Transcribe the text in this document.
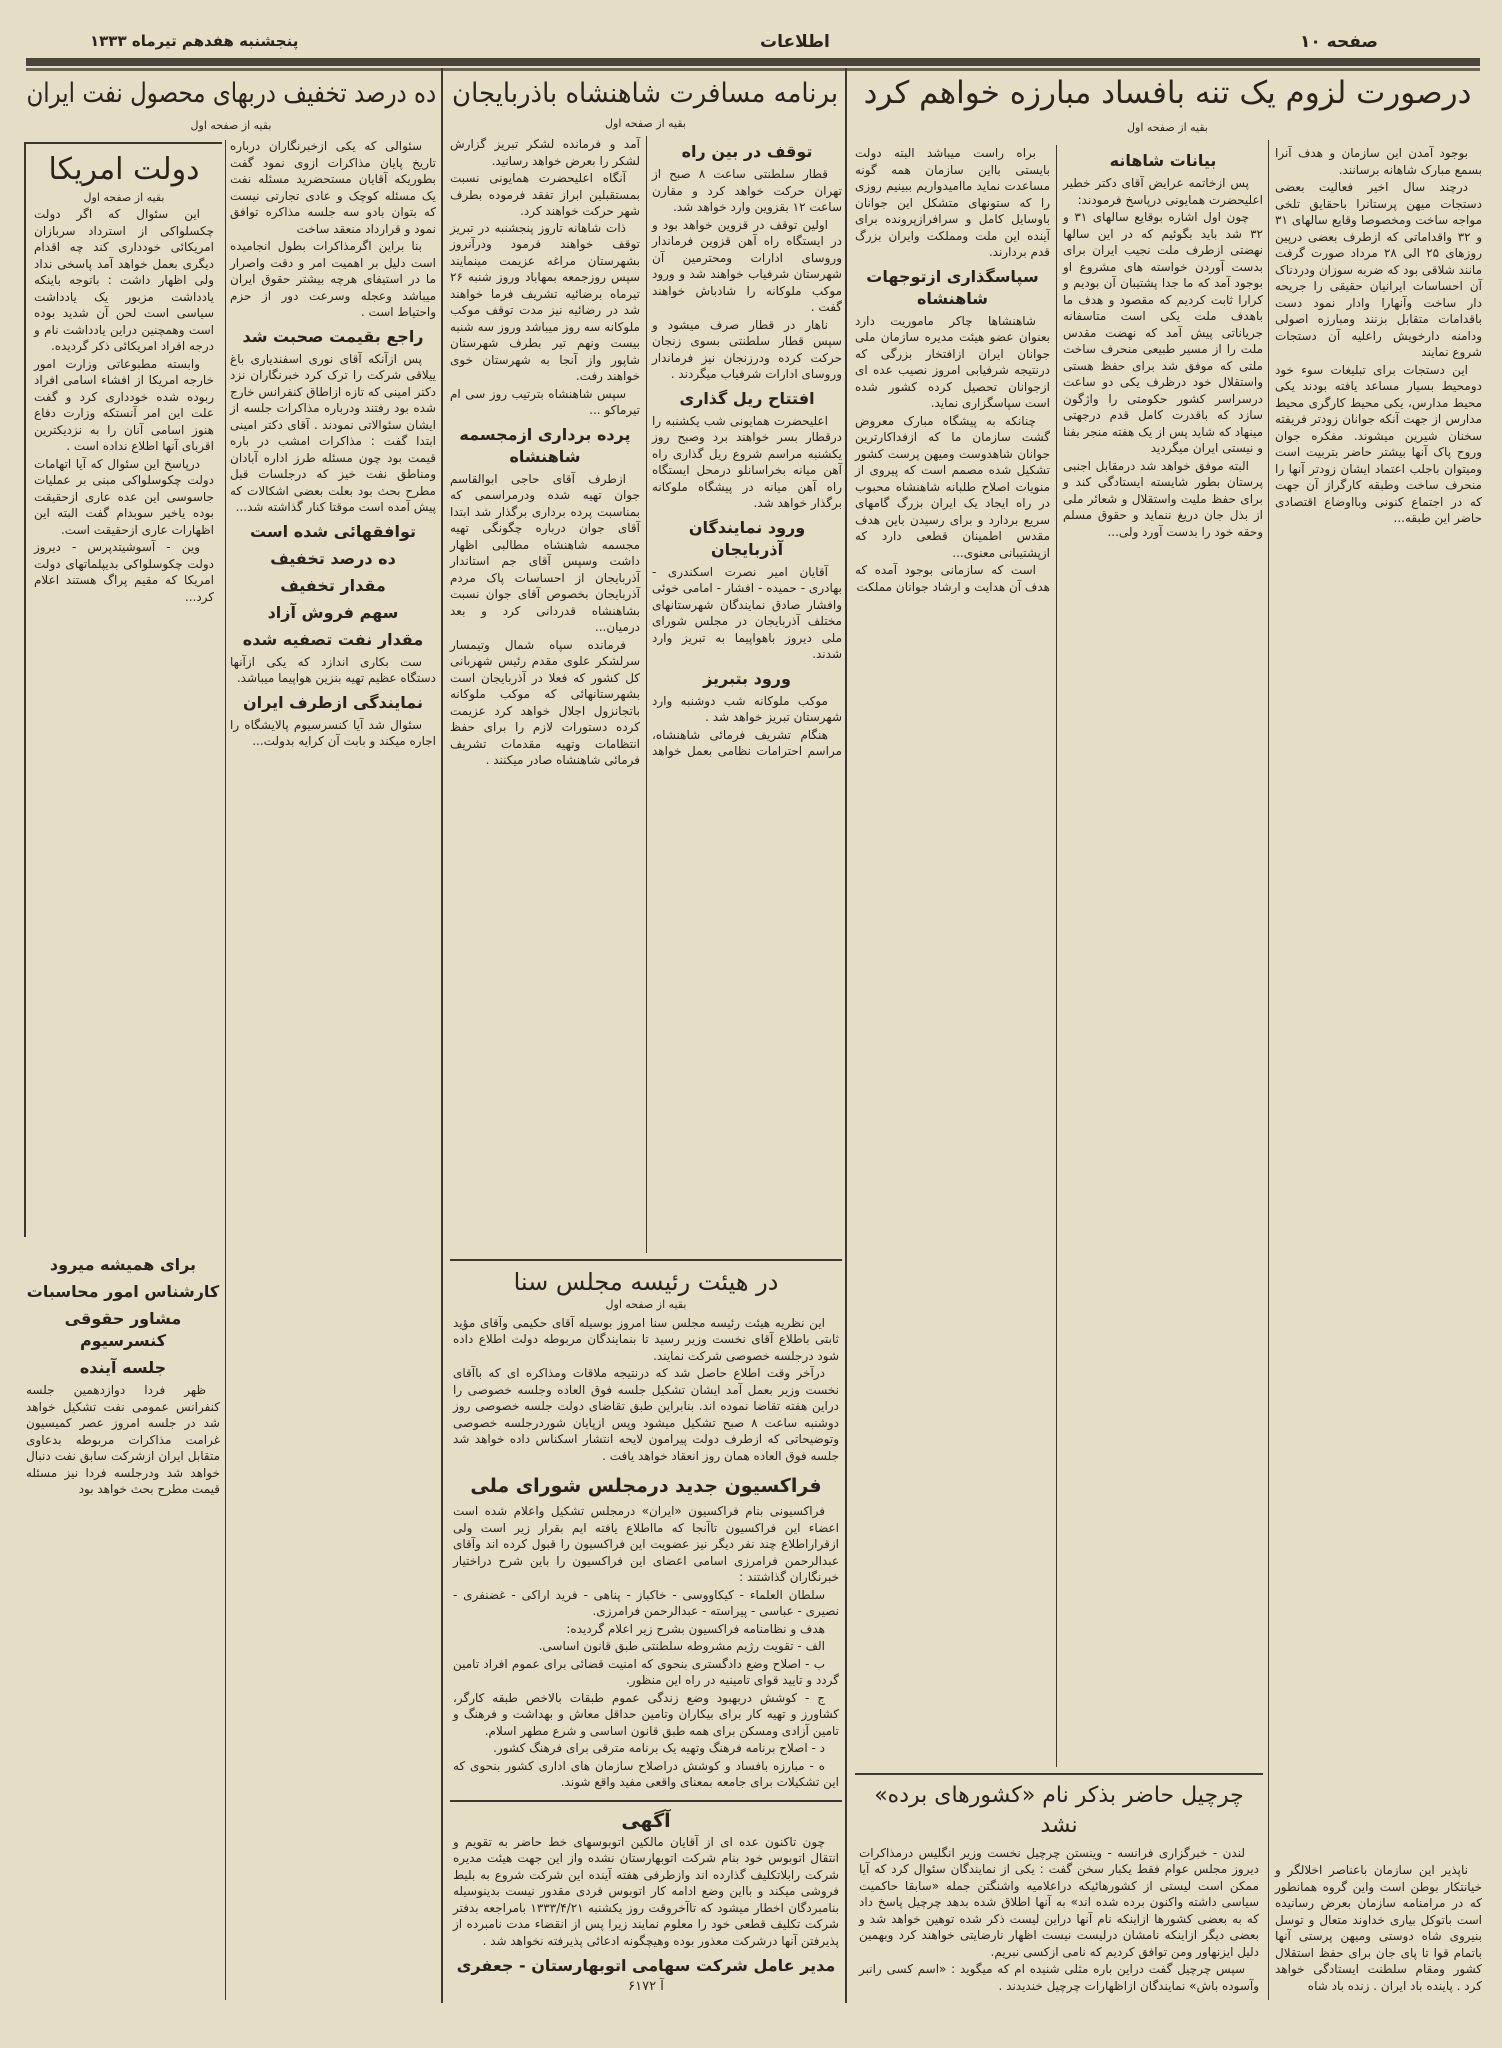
صفحه ۱۰
اطلاعات
پنجشنبه هفدهم تیرماه ۱۳۳۳
درصورت لزوم یک تنه بافساد مبارزه خواهم کرد
برنامه مسافرت شاهنشاه باذربایجان
ده درصد تخفیف دربهای محصول نفت ایران
بقیه از صفحه اول
بقیه از صفحه اول
بقیه از صفحه اول

بوجود آمدن این سازمان و هدف آنرا بسمع مبارک شاهانه برسانند.

درچند سال اخیر فعالیت بعضی دستجات میهن پرستانرا باحقایق تلخی مواجه ساخت ومخصوصا وقایع سالهای ۳۱ و ۳۲ واقداماتی که ازطرف بعضی درپین روزهای ۲۵ الی ۲۸ مرداد صورت گرفت مانند شلاقی بود که ضربه سوزان ودردناک آن احساسات ایرانیان حقیقی را جریحه دار ساخت وآنهارا وادار نمود دست باقدامات متقابل بزنند ومبارزه اصولی ودامنه دارخویش راعلیه آن دستجات شروع نمایند

این دستجات برای تبلیغات سوء خود دومحیط بسیار مساعد یافته بودند یکی محیط مدارس، یکی محیط کارگری محیط مدارس از جهت آنکه جوانان زودتر فریفته سخنان شیرین میشوند. مفکره جوان وروح پاک آنها بیشتر حاضر بتربیت است ومیتوان باجلب اعتماد ایشان زودتر آنها را منحرف ساخت وطبقه کارگراز آن جهت که در اجتماع کنونی وبااوضاع اقتصادی حاضر این طبقه...

ناپذیر این سازمان باعناصر اخلالگر و خیانتکار بوطن است واین گروه همانطور که در مرامنامه سازمان بعرض رسانیده است باتوکل بیاری خداوند متعال و توسل بنیروی شاه دوستی ومیهن پرستی آنها باتمام قوا تا پای جان برای حفظ استقلال کشور ومقام سلطنت ایستادگی خواهد کرد . پاینده باد ایران . زنده باد شاه

بیانات شاهانه

پس ازخاتمه عرایض آقای دکتر خطیر اعلیحضرت همایونی درپاسخ فرمودند:

چون اول اشاره بوقایع سالهای ۳۱ و ۳۲ شد باید بگوئیم که در این سالها نهضتی ازطرف ملت نجیب ایران برای بدست آوردن خواسته های مشروع او بوجود آمد که ما جدا پشتیبان آن بودیم و کرارا ثابت کردیم که مقصود و هدف ما باهدف ملت یکی است متاسفانه جریاناتی پیش آمد که نهضت مقدس ملت را از مسیر طبیعی منحرف ساخت ملتی که موفق شد برای حفظ هستی واستقلال خود درظرف یکی دو ساعت درسراسر کشور حکومتی را واژگون سازد که باقدرت کامل قدم درجهتی مینهاد که شاید پس از یک هفته منجر بفنا و نیستی ایران میگردید

البته موفق خواهد شد درمقابل اجنبی پرستان بطور شایسته ایستادگی کند و برای حفظ ملیت واستقلال و شعائر ملی از بذل جان دریغ ننماید و حقوق مسلم وحقه خود را بدست آورد ولی...

براه راست میباشد البته دولت بایستی بااین سازمان همه گونه مساعدت نماید ماامیدواریم ببینیم روزی را که ستونهای متشکل این جوانان باوسایل کامل و سرافرازپرونده برای آینده این ملت ومملکت وایران بزرگ قدم بردارند.

سپاسگذاری ازتوجهات شاهنشاه

شاهنشاها چاکر ماموریت دارد بعنوان عضو هیئت مدیره سازمان ملی جوانان ایران ازافتخار بزرگی که درنتیجه شرفیابی امروز نصیب عده ای ازجوانان تحصیل کرده کشور شده است سپاسگزاری نماید.

چنانکه به پیشگاه مبارک معروض گشت سازمان ما که ازفداکارترین جوانان شاهدوست ومیهن پرست کشور تشکیل شده مصمم است که پیروی از منویات اصلاح طلبانه شاهنشاه محبوب در راه ایجاد یک ایران بزرگ گامهای سریع بردارد و برای رسیدن باین هدف مقدس اطمینان قطعی دارد که ازپشتیبانی معنوی...

است که سازمانی بوجود آمده که هدف آن هدایت و ارشاد جوانان مملکت

چرچیل حاضر بذکر نام «کشورهای برده» نشد

لندن - خبرگزاری فرانسه - وینستن چرچیل نخست وزیر انگلیس درمذاکرات دیروز مجلس عوام فقط یکبار سخن گفت : یکی از نمایندگان سئوال کرد که آیا ممکن است لیستی از کشورهائیکه دراعلامیه واشنگتن جمله «سابقا حاکمیت سیاسی داشته واکنون برده شده اند» به آنها اطلاق شده بدهد چرچیل پاسخ داد که به بعضی کشورها ازاینکه نام آنها دراین لیست ذکر شده توهین خواهد شد و بعضی دیگر ازاینکه نامشان درلیست نیست اظهار نارضایتی خواهند کرد وبهمین دلیل ایزنهاور ومن توافق کردیم که نامی ازکسی نبریم.

سپس چرچیل گفت دراین باره مثلی شنیده ام که میگوید : «اسم کسی رانبر وآسوده باش» نمایندگان ازاظهارات چرچیل خندیدند .

توقف در بین راه

قطار سلطنتی ساعت ۸ صبح از تهران حرکت خواهد کرد و مقارن ساعت ۱۲ بقزوین وارد خواهد شد.

اولین توقف در قزوین خواهد بود و در ایستگاه راه آهن قزوین فرماندار وروسای ادارات ومحترمین آن شهرستان شرفیاب خواهند شد و ورود موکب ملوکانه را شادباش خواهند گفت .

ناهار در قطار صرف میشود و سپس قطار سلطنتی بسوی زنجان حرکت کرده ودرزنجان نیز فرماندار وروسای ادارات شرفیاب میگردند .

افتتاح ریل گذاری

اعلیحضرت همایونی شب یکشنبه را درقطار بسر خواهند برد وصبح روز یکشنبه مراسم شروع ریل گذاری راه آهن میانه بخراسانلو درمحل ایستگاه راه آهن میانه در پیشگاه ملوکانه برگذار خواهد شد.

ورود نمایندگان آذربایجان

آقایان امیر نصرت اسکندری - بهادری - حمیده - افشار - امامی خوئی وافشار صادق نمایندگان شهرستانهای مختلف آذربایجان در مجلس شورای ملی دیروز باهواپیما به تبریز وارد شدند.

ورود بتبریز

موکب ملوکانه شب دوشنبه وارد شهرستان تبریز خواهد شد .

هنگام تشریف فرمائی شاهنشاه، مراسم احترامات نظامی بعمل خواهد آمد و فرمانده لشکر تبریز گزارش لشکر را بعرض خواهد رسانید.

آنگاه اعلیحضرت همایونی نسبت بمستقبلین ابراز تفقد فرموده بطرف شهر حرکت خواهند کرد.

ذات شاهانه تاروز پنجشنبه در تبریز توقف خواهند فرمود ودرآنروز بشهرستان مراغه عزیمت مینمایند سپس روزجمعه بمهاباد وروز شنبه ۲۶ تیرماه برضائیه تشریف فرما خواهند شد در رضائیه نیز مدت توقف موکب ملوکانه سه روز میباشد وروز سه شنبه بیست ونهم تیر بطرف شهرستان شاپور واز آنجا به شهرستان خوی خواهند رفت.

سپس شاهنشاه بترتیب روز سی ام تیرماکو ...

پرده برداری ازمجسمه شاهنشاه

ازطرف آقای حاجی ابوالقاسم جوان تهیه شده ودرمراسمی که بمناسبت پرده برداری برگذار شد ابتدا آقای جوان درباره چگونگی تهیه مجسمه شاهنشاه مطالبی اظهار داشت وسپس آقای جم استاندار آذربایجان از احساسات پاک مردم آذربایجان بخصوص آقای جوان نسبت بشاهنشاه قدردانی کرد و بعد درمیان...

فرمانده سپاه شمال وتیمسار سرلشکر علوی مقدم رئیس شهربانی کل کشور که فعلا در آذربایجان است بشهرستانهائی که موکب ملوکانه باتجانزول اجلال خواهد کرد عزیمت کرده دستورات لازم را برای حفظ انتظامات وتهیه مقدمات تشریف فرمائی شاهنشاه صادر میکنند .

در هیئت رئیسه مجلس سنا
بقیه از صفحه اول

این نظریه هیئت رئیسه مجلس سنا امروز بوسیله آقای حکیمی وآقای مؤید ثابتی باطلاع آقای نخست وزیر رسید تا بنمایندگان مربوطه دولت اطلاع داده شود درجلسه خصوصی شرکت نمایند.

درآخر وقت اطلاع حاصل شد که درنتیجه ملاقات ومذاکره ای که باآقای نخست وزیر بعمل آمد ایشان تشکیل جلسه فوق العاده وجلسه خصوصی را دراین هفته تقاضا نموده اند. بنابراین طبق تقاضای دولت جلسه خصوصی روز دوشنبه ساعت ۸ صبح تشکیل میشود وپس ازپایان شوردرجلسه خصوصی وتوضیحاتی که ازطرف دولت پیرامون لایحه انتشار اسکناس داده خواهد شد جلسه فوق العاده همان روز انعقاد خواهد یافت .

فراکسیون جدید درمجلس شورای ملی

فراکسیونی بنام فراکسیون «ایران» درمجلس تشکیل واعلام شده است اعضاء این فراکسیون تاآنجا که مااطلاع یافته ایم بقرار زیر است ولی ازقراراطلاع چند نفر دیگر نیز عضویت این فراکسیون را قبول کرده اند وآقای عبدالرحمن فرامرزی اسامی اعضای این فراکسیون را باین شرح دراختیار خبرنگاران گذاشتند :

سلطان العلماء - کیکاووسی - خاکباز - پناهی - فرید اراکی - غضنفری - نصیری - عباسی - پیراسته - عبدالرحمن فرامرزی.

هدف و نظامنامه فراکسیون بشرح زیر اعلام گردیده:

الف - تقویت رژیم مشروطه سلطنتی طبق قانون اساسی.

ب - اصلاح وضع دادگستری بنحوی که امنیت قضائی برای عموم افراد تامین گردد و تایید قوای تامینیه در راه این منظور.

ج - کوشش دربهبود وضع زندگی عموم طبقات بالاخص طبقه کارگر، کشاورز و تهیه کار برای بیکاران وتامین حداقل معاش و بهداشت و فرهنگ و تامین آزادی ومسکن برای همه طبق قانون اساسی و شرع مطهر اسلام.

د - اصلاح برنامه فرهنگ وتهیه یک برنامه مترقی برای فرهنگ کشور.

ه - مبارزه بافساد و کوشش دراصلاح سازمان های اداری کشور بنحوی که این تشکیلات برای جامعه بمعنای واقعی مفید واقع شوند.

آگهی

چون تاکنون عده ای از آقایان مالکین اتوبوسهای خط حاضر به تقویم و انتقال اتوبوس خود بنام شرکت اتوبهارستان نشده واز این جهت هیئت مدیره شرکت رابلاتکلیف گذارده اند وازطرفی هفته آینده این شرکت شروع به بلیط فروشی میکند و بااین وضع ادامه کار اتوبوس فردی مقدور نیست بدینوسیله بنامبردگان اخطار میشود که تاآخروقت روز یکشنبه ۱۳۳۳/۴/۲۱ بامراجعه بدفتر شرکت تکلیف قطعی خود را معلوم نمایند زیرا پس از انقضاء مدت نامبرده از پذیرفتن آنها درشرکت معذور بوده وهیچگونه ادعائی پذیرفته نخواهد شد .

مدیر عامل شرکت سهامی اتوبهارستان - جعفری
آ ۶۱۷۲

سئوالی که یکی ازخبرنگاران درباره تاریخ پایان مذاکرات ازوی نمود گفت بطوریکه آقایان مستحضرید مسئله نفت یک مسئله کوچک و عادی تجارتی نیست که بتوان بادو سه جلسه مذاکره توافق نمود و قرارداد منعقد ساخت

بنا براین اگرمذاکرات بطول انجامیده است دلیل بر اهمیت امر و دقت واصرار ما در استیفای هرچه بیشتر حقوق ایران میباشد وعجله وسرعت دور از حزم واحتیاط است .

راجع بقیمت صحبت شد

پس ازآنکه آقای نوری اسفندیاری باغ ییلاقی شرکت را ترک کرد خبرنگاران نزد دکتر امینی که تازه ازاطاق کنفرانس خارج شده بود رفتند ودرباره مذاکرات جلسه از ایشان سئوالاتی نمودند . آقای دکتر امینی ابتدا گفت : مذاکرات امشب در باره قیمت بود چون مسئله طرز اداره آبادان ومناطق نفت خیز که درجلسات قبل مطرح بحث بود بعلت بعضی اشکالات که پیش آمده است موقتا کنار گذاشته شد...

توافقهائی شده است
ده درصد تخفیف
مقدار تخفیف
سهم فروش آزاد
مقدار نفت تصفیه شده

ست بکاری اندازد که یکی ازآنها دستگاه عظیم تهیه بنزین هواپیما میباشد.

نمایندگی ازطرف ایران

سئوال شد آیا کنسرسیوم پالایشگاه را اجاره میکند و بابت آن کرایه بدولت...

دولت امریکا
بقیه از صفحه اول

این سئوال که اگر دولت چکسلواکی از استرداد سربازان امریکائی خودداری کند چه اقدام دیگری بعمل خواهد آمد پاسخی نداد ولی اظهار داشت : باتوجه باینکه یادداشت مزبور یک یادداشت سیاسی است لحن آن شدید بوده است وهمچنین دراین یادداشت نام و درجه افراد امریکائی ذکر گردیده.

وابسته مطبوعاتی وزارت امور خارجه امریکا از افشاء اسامی افراد ربوده شده خودداری کرد و گفت علت این امر آنستکه وزارت دفاع هنوز اسامی آنان را به نزدیکترین اقربای آنها اطلاع نداده است .

درپاسخ این سئوال که آیا اتهامات دولت چکوسلواکی مبنی بر عملیات جاسوسی این عده عاری ازحقیقت بوده یاخیر سوبدام گفت البته این اظهارات عاری ازحقیقت است.

وین - آسوشیتدپرس - دیروز دولت چکوسلواکی بدیپلماتهای دولت امریکا که مقیم پراگ هستند اعلام کرد...

برای همیشه میرود
کارشناس امور محاسبات
مشاور حقوقی کنسرسیوم
جلسه آینده

ظهر فردا دوازدهمین جلسه کنفرانس عمومی نفت تشکیل خواهد شد در جلسه امروز عصر کمیسیون غرامت مذاکرات مربوطه بدعاوی متقابل ایران ازشرکت سابق نفت دنبال خواهد شد ودرجلسه فردا نیز مسئله قیمت مطرح بحث خواهد بود
